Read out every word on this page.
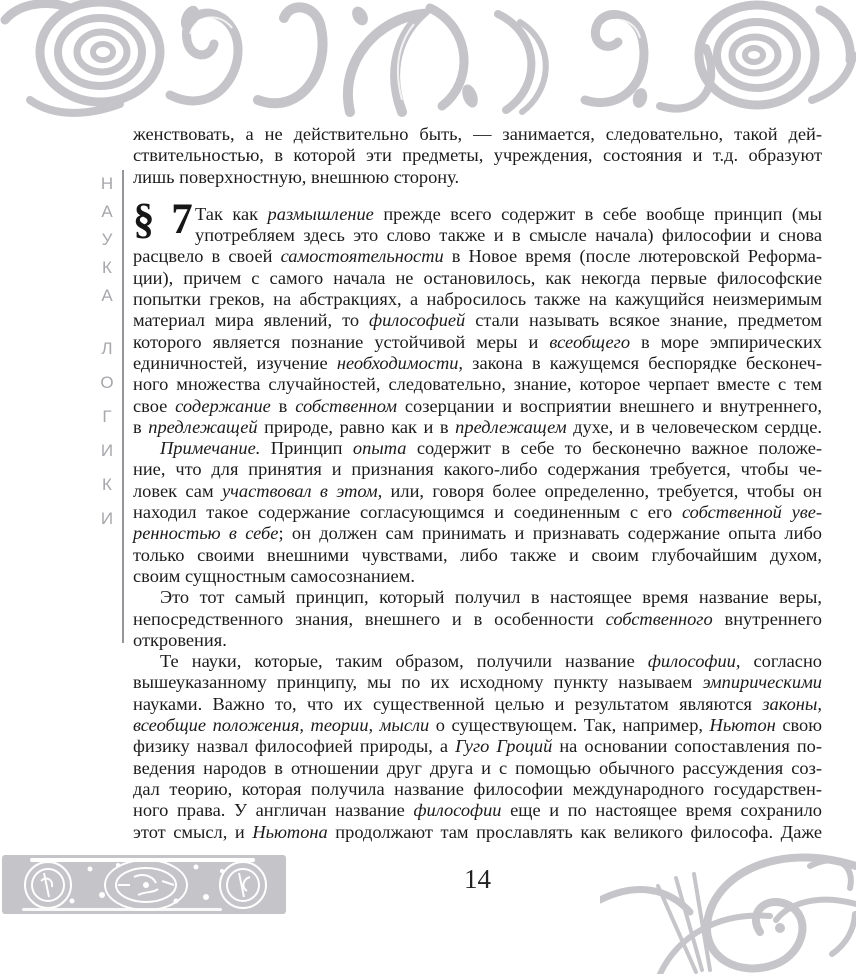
Н
А
У
К
А
Л
О
Г
И
К
И
женствовать, а не действительно быть, — занимается, следовательно, такой дей-
ствительностью, в которой эти предметы, учреждения, состояния и т.д. образуют
лишь поверхностную, внешнюю сторону.
§ 7 Так как размышление прежде всего содержит в себе вообще принцип (мы
употребляем здесь это слово также и в смысле начала) философии и снова
расцвело в своей самостоятельности в Новое время (после лютеровской Реформа-
ции), причем с самого начала не остановилось, как некогда первые философские
попытки греков, на абстракциях, а набросилось также на кажущийся неизмеримым
материал мира явлений, то философией стали называть всякое знание, предметом
которого является познание устойчивой меры и всеобщего в море эмпирических
единичностей, изучение необходимости, закона в кажущемся беспорядке бесконеч-
ного множества случайностей, следовательно, знание, которое черпает вместе с тем
свое содержание в собственном созерцании и восприятии внешнего и внутреннего,
в предлежащей природе, равно как и в предлежащем духе, и в человеческом сердце.
Примечание. Принцип опыта содержит в себе то бесконечно важное положе-
ние, что для принятия и признания какого-либо содержания требуется, чтобы че-
ловек сам участвовал в этом, или, говоря более определенно, требуется, чтобы он
находил такое содержание согласующимся и соединенным с его собственной уве-
ренностью в себе; он должен сам принимать и признавать содержание опыта либо
только своими внешними чувствами, либо также и своим глубочайшим духом,
своим сущностным самосознанием.
Это тот самый принцип, который получил в настоящее время название веры,
непосредственного знания, внешнего и в особенности собственного внутреннего
откровения.
Те науки, которые, таким образом, получили название философии, согласно
вышеуказанному принципу, мы по их исходному пункту называем эмпирическими
науками. Важно то, что их существенной целью и результатом являются законы,
всеобщие положения, теории, мысли о существующем. Так, например, Ньютон свою
физику назвал философией природы, а Гуго Гроций на основании сопоставления по-
ведения народов в отношении друг друга и с помощью обычного рассуждения соз-
дал теорию, которая получила название философии международного государствен-
ного права. У англичан название философии еще и по настоящее время сохранило
этот смысл, и Ньютона продолжают там прославлять как великого философа. Даже
14
